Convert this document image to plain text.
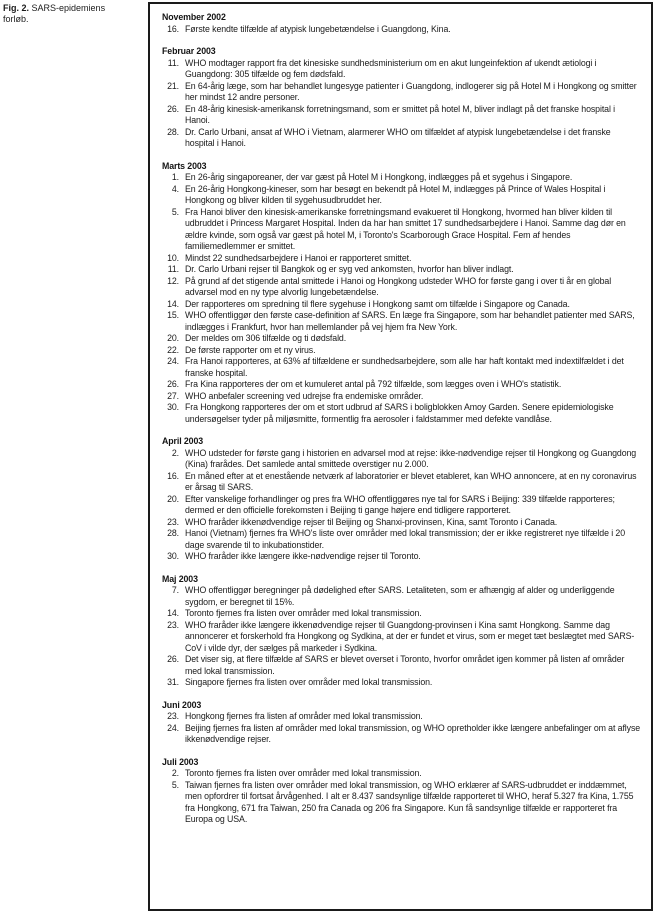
Fig. 2. SARS-epidemiens forløb.	November 2002
16. Første kendte tilfælde af atypisk lungebetændelse i Guangdong, Kina.
Februar 2003
11. WHO modtager rapport fra det kinesiske sundhedsministerium om en akut lungeinfektion af ukendt ætiologi i Guangdong: 305 tilfælde og fem dødsfald.
21. En 64-årig læge, som har behandlet lungesyge patienter i Guangdong, indlogerer sig på Hotel M i Hongkong og smitter her mindst 12 andre personer.
26. En 48-årig kinesisk-amerikansk forretningsmand, som er smittet på hotel M, bliver indlagt på det franske hospital i Hanoi.
28. Dr. Carlo Urbani, ansat af WHO i Vietnam, alarmerer WHO om tilfældet af atypisk lungebetændelse i det franske hospital i Hanoi.
Marts 2003
1. En 26-årig singaporeaner, der var gæst på Hotel M i Hongkong, indlægges på et sygehus i Singapore.
4. En 26-årig Hongkong-kineser, som har besøgt en bekendt på Hotel M, indlægges på Prince of Wales Hospital i Hongkong og bliver kilden til sygehusudbruddet her.
5. Fra Hanoi bliver den kinesisk-amerikanske forretningsmand evakueret til Hongkong, hvormed han bliver kilden til udbruddet i Princess Margaret Hospital. Inden da har han smittet 17 sundhedsarbejdere i Hanoi. Samme dag dør en ældre kvinde, som også var gæst på hotel M, i Toronto's Scarborough Grace Hospital. Fem af hendes familiemedlemmer er smittet.
10. Mindst 22 sundhedsarbejdere i Hanoi er rapporteret smittet.
11. Dr. Carlo Urbani rejser til Bangkok og er syg ved ankomsten, hvorfor han bliver indlagt.
12. På grund af det stigende antal smittede i Hanoi og Hongkong udsteder WHO for første gang i over ti år en global advarsel mod en ny type alvorlig lungebetændelse.
14. Der rapporteres om spredning til flere sygehuse i Hongkong samt om tilfælde i Singapore og Canada.
15. WHO offentliggør den første case-definition af SARS. En læge fra Singapore, som har behandlet patienter med SARS, indlægges i Frankfurt, hvor han mellemlander på vej hjem fra New York.
20. Der meldes om 306 tilfælde og ti dødsfald.
22. De første rapporter om et ny virus.
24. Fra Hanoi rapporteres, at 63% af tilfældene er sundhedsarbejdere, som alle har haft kontakt med indextilfældet i det franske hospital.
26. Fra Kina rapporteres der om et kumuleret antal på 792 tilfælde, som lægges oven i WHO's statistik.
27. WHO anbefaler screening ved udrejse fra endemiske områder.
30. Fra Hongkong rapporteres der om et stort udbrud af SARS i boligblokken Amoy Garden. Senere epidemiologiske undersøgelser tyder på miljøsmitte, formentlig fra aerosoler i faldstammer med defekte vandlåse.
April 2003
2. WHO udsteder for første gang i historien en advarsel mod at rejse: ikke-nødvendige rejser til Hongkong og Guangdong (Kina) frarådes. Det samlede antal smittede overstiger nu 2.000.
16. En måned efter at et enestående netværk af laboratorier er blevet etableret, kan WHO annoncere, at en ny coronavirus er årsag til SARS.
20. Efter vanskelige forhandlinger og pres fra WHO offentliggøres nye tal for SARS i Beijing: 339 tilfælde rapporteres; dermed er den officielle forekomsten i Beijing ti gange højere end tidligere rapporteret.
23. WHO fraråder ikkenødvendige rejser til Beijing og Shanxi-provinsen, Kina, samt Toronto i Canada.
28. Hanoi (Vietnam) fjernes fra WHO's liste over områder med lokal transmission; der er ikke registreret nye tilfælde i 20 dage svarende til to inkubationstider.
30. WHO fraråder ikke længere ikke-nødvendige rejser til Toronto.
Maj 2003
7. WHO offentliggør beregninger på dødelighed efter SARS. Letaliteten, som er afhængig af alder og underliggende sygdom, er beregnet til 15%.
14. Toronto fjernes fra listen over områder med lokal transmission.
23. WHO fraråder ikke længere ikkenødvendige rejser til Guangdong-provinsen i Kina samt Hongkong. Samme dag annoncerer et forskerhold fra Hongkong og Sydkina, at der er fundet et virus, som er meget tæt beslægtet med SARS-CoV i vilde dyr, der sælges på markeder i Sydkina.
26. Det viser sig, at flere tilfælde af SARS er blevet overset i Toronto, hvorfor området igen kommer på listen af områder med lokal transmission.
31. Singapore fjernes fra listen over områder med lokal transmission.
Juni 2003
23. Hongkong fjernes fra listen af områder med lokal transmission.
24. Beijing fjernes fra listen af områder med lokal transmission, og WHO opretholder ikke længere anbefalinger om at aflyse ikkenødvendige rejser.
Juli 2003
2. Toronto fjernes fra listen over områder med lokal transmission.
5. Taiwan fjernes fra listen over områder med lokal transmission, og WHO erklærer af SARS-udbruddet er inddæmmet, men opfordrer til fortsat årvågenhed. I alt er 8.437 sandsynlige tilfælde rapporteret til WHO, heraf 5.327 fra Kina, 1.755 fra Hongkong, 671 fra Taiwan, 250 fra Canada og 206 fra Singapore. Kun få sandsynlige tilfælde er rapporteret fra Europa og USA.
